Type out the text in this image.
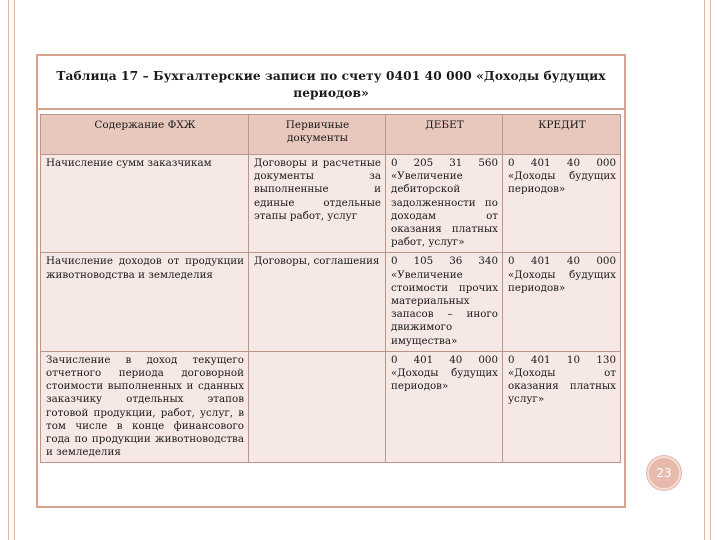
Таблица 17 – Бухгалтерские записи по счету 0401 40 000 «Доходы будущих
периодов»
Содержание ФХЖ	Первичные документы	ДЕБЕТ	КРЕДИТ
Начисление сумм заказчикам	Договоры и расчетные документы за выполненные и единые отдельные этапы работ, услуг	0 205 31 560 «Увеличение дебиторской задолженности по доходам от оказания платных работ, услуг»	0 401 40 000 «Доходы будущих периодов»
Начисление доходов от продукции животноводства и земледелия	Договоры, соглашения	0 105 36 340 «Увеличение стоимости прочих материальных запасов – иного движимого имущества»	0 401 40 000 «Доходы будущих периодов»
Зачисление в доход текущего отчетного периода договорной стоимости выполненных и сданных заказчику отдельных этапов готовой продукции, работ, услуг, в том числе в конце финансового года по продукции животноводства и земледелия		0 401 40 000 «Доходы будущих периодов»	0 401 10 130 «Доходы от оказания платных услуг»
23
